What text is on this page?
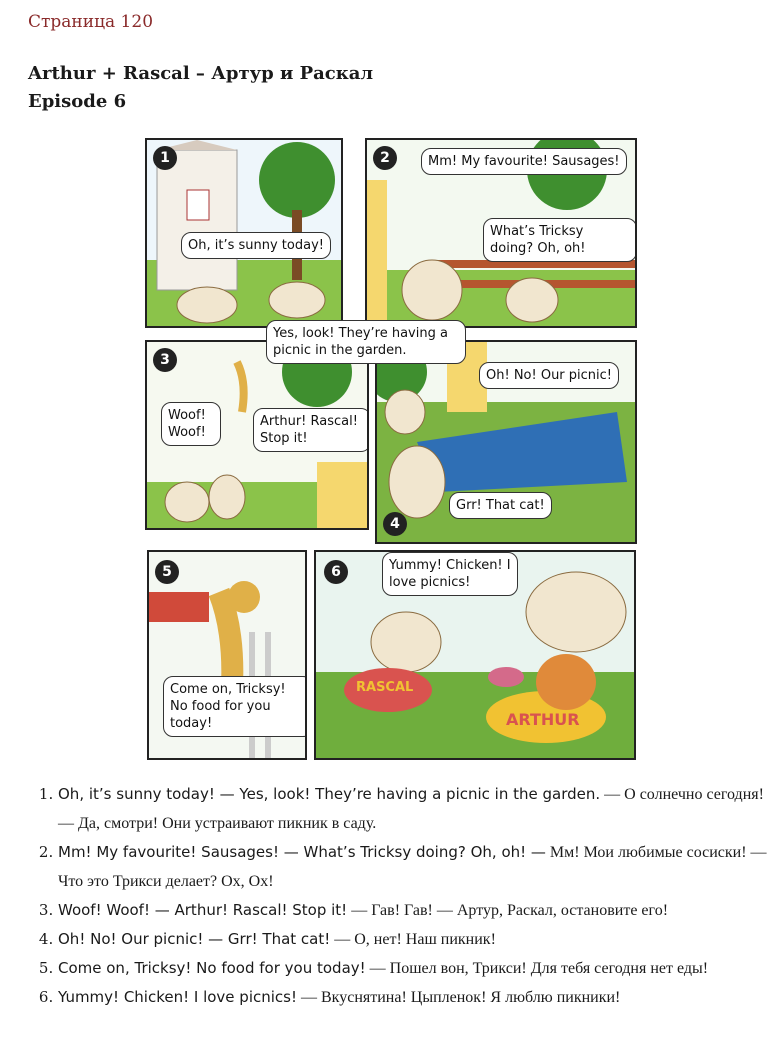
Страница 120
Arthur + Rascal – Артур и Раскал
Episode 6
1
Oh, it’s sunny today!
2	Mm! My favourite! Sausages!
What’s Tricksy doing? Oh, oh!
3
Woof! Woof!
Arthur! Rascal! Stop it!
4
Oh! No! Our picnic!
Grr! That cat!
Yes, look! They’re having a picnic in the garden.
5
Come on, Tricksy! No food for you today!
6	Yummy! Chicken! I love picnics!
RASCAL
ARTHUR
1. Oh, it’s sunny today! — Yes, look! They’re having a picnic in the garden. — О солнечно сегодня! — Да, смотри! Они устраивают пикник в саду.
2. Mm! My favourite! Sausages! — What’s Tricksy doing? Oh, oh! — Мм! Мои любимые сосиски! — Что это Трикси делает? Ох, Ох!
3. Woof! Woof! — Arthur! Rascal! Stop it! — Гав! Гав! — Артур, Раскал, остановите его!
4. Oh! No! Our picnic! — Grr! That cat! — О, нет! Наш пикник!
5. Come on, Tricksy! No food for you today! — Пошел вон, Трикси! Для тебя сегодня нет еды!
6. Yummy! Chicken! I love picnics! — Вкуснятина! Цыпленок! Я люблю пикники!
